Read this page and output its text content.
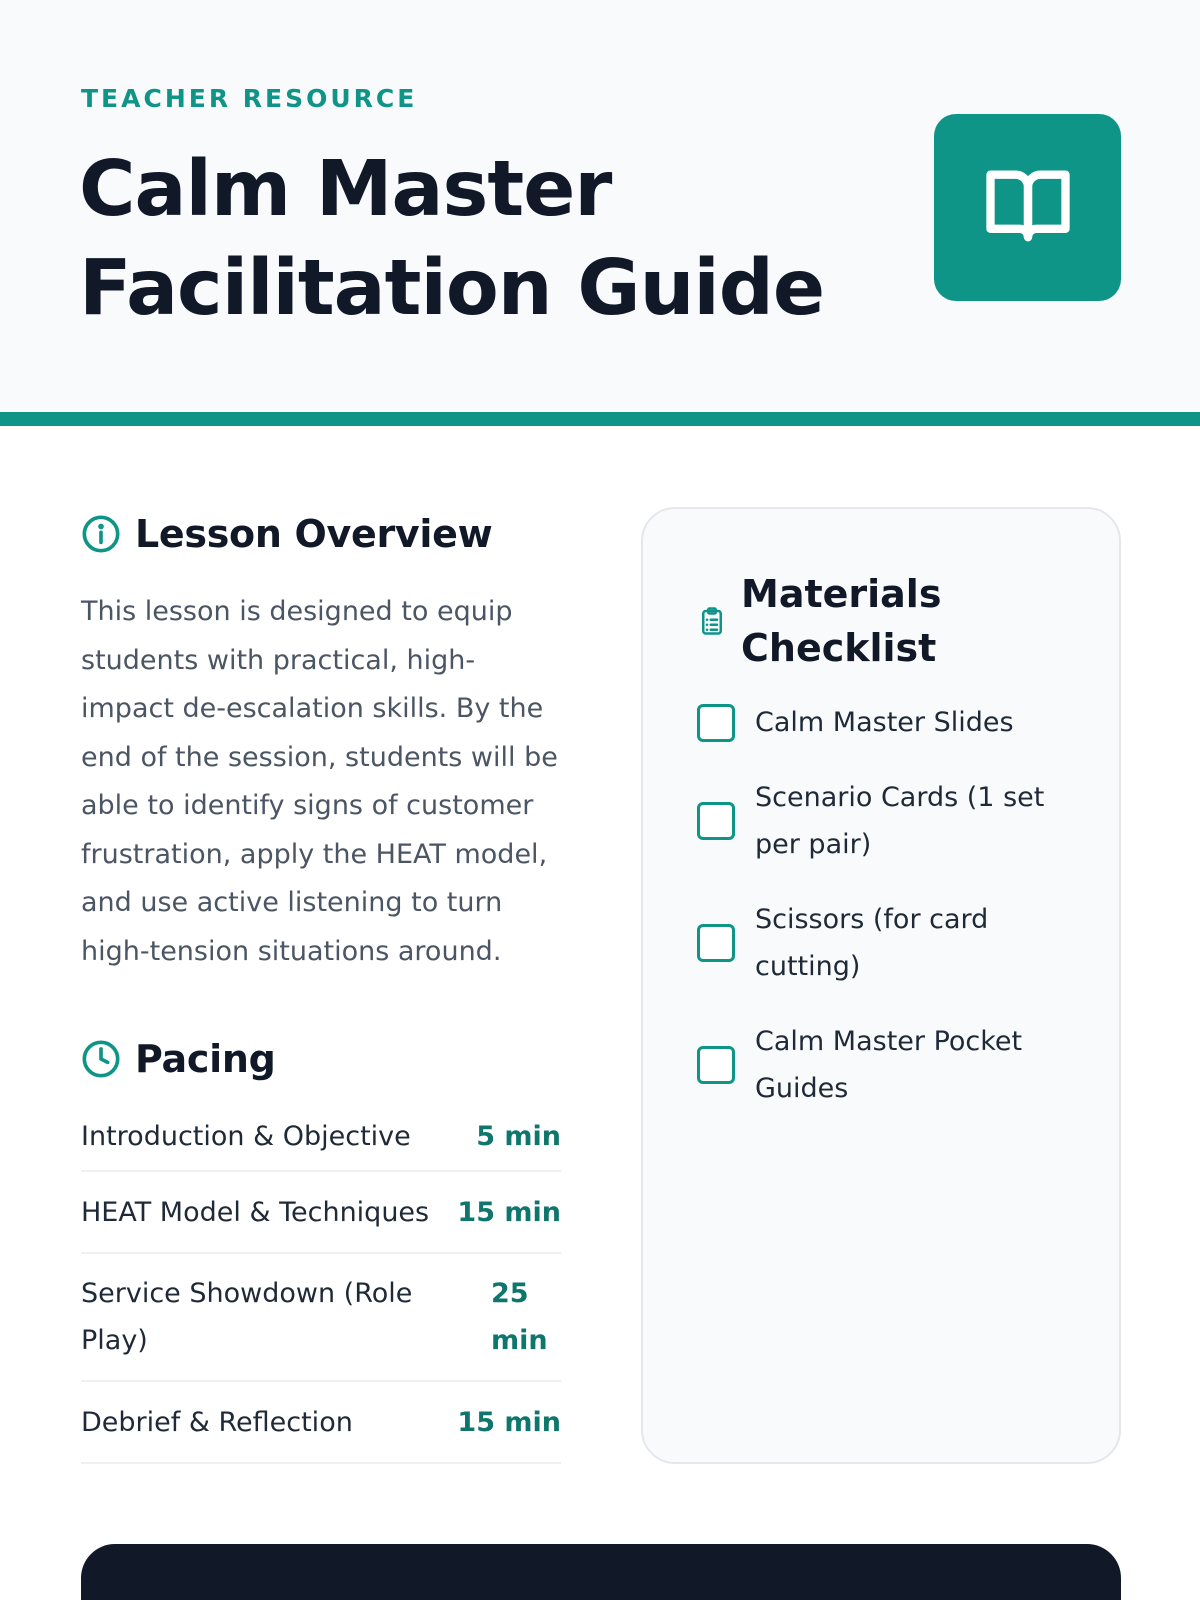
TEACHER RESOURCE
Calm Master Facilitation Guide
Lesson Overview

This lesson is designed to equip students with practical, high-impact de-escalation skills. By the end of the session, students will be able to identify signs of customer frustration, apply the HEAT model, and use active listening to turn high-tension situations around.

Pacing
Introduction & Objective 5 min
HEAT Model & Techniques 15 min
Service Showdown (Role Play)
25 min
Debrief & Reflection	15 min
Materials Checklist
Calm Master Slides
Scenario Cards (1 set per pair)
Scissors (for card cutting)
Calm Master Pocket Guides
